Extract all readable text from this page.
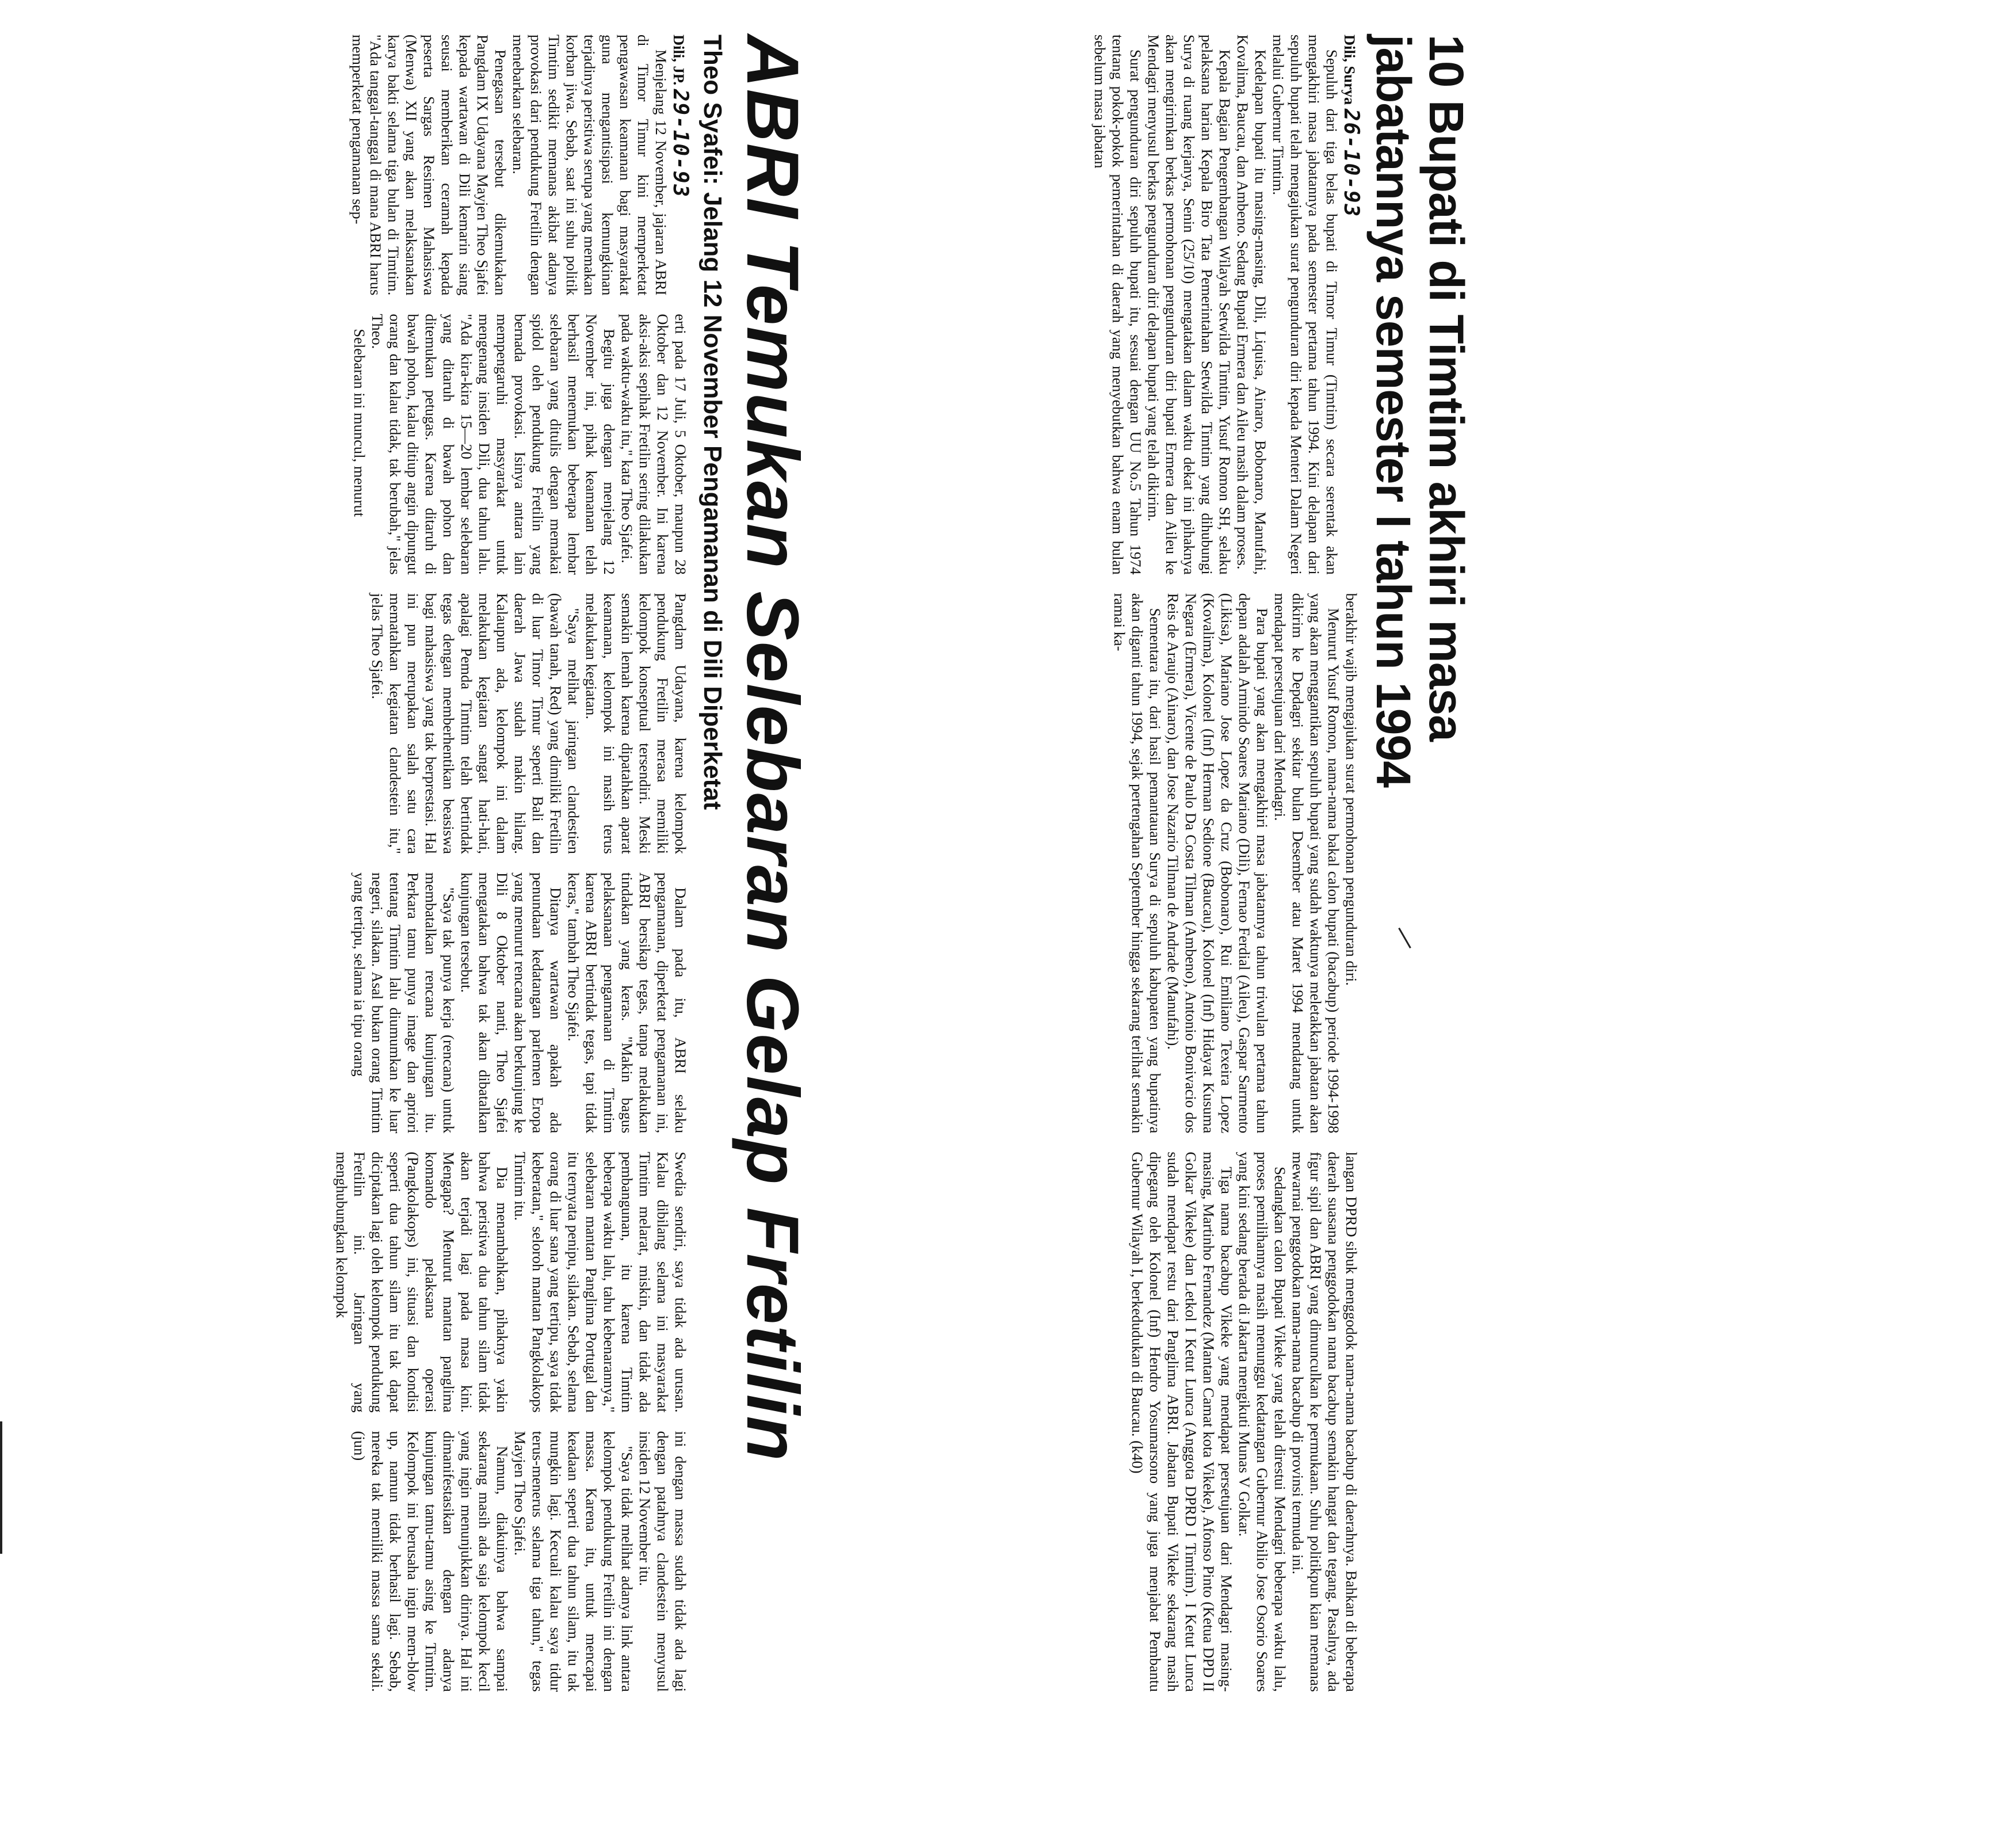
10 Bupati di Timtim akhiri masa
jabatannya semester I tahun 1994

Dili, Surya 26-10-93

Sepuluh dari tiga belas bupati di Timor Timur (Timtim) secara serentak akan mengakhiri masa jabatannya pada semester pertama tahun 1994. Kini delapan dari sepuluh bupati telah mengajukan surat pengunduran diri kepada Menteri Dalam Negeri melalui Gubernur Timtim.

Kedelapan bupati itu masing-masing, Dili, Liquisa, Ainaro, Bobonaro, Manufahi, Kovalima, Baucau, dan Ambeno. Sedang Bupati Ermera dan Aileu masih dalam proses.

Kepala Bagian Pengembangan Wilayah Setwilda Timtim, Yusuf Romon SH, selaku pelaksana harian Kepala Biro Tata Pemerintahan Setwilda Timtim yang dihubungi Surya di ruang kerjanya, Senin (25/10) mengatakan dalam waktu dekat ini pihaknya akan mengirimkan berkas permohonan pengunduran diri bupati Ermera dan Aileu ke Mendagri menyusul berkas pengunduran diri delapan bupati yang telah dikirim.

Surat pengunduran diri sepuluh bupati itu, sesuai dengan UU No.5 Tahun 1974 tentang pokok-pokok pemerintahan di daerah yang menyebutkan bahwa enam bulan sebelum masa jabatan

berakhir wajib mengajukan surat permohonan pengunduran diri.

Menurut Yusuf Romon, nama-nama bakal calon bupati (bacabup) periode 1994-1998 yang akan menggantikan sepuluh bupati yang sudah waktunya meletakkan jabatan akan dikirim ke Depdagri sekitar bulan Desember atau Maret 1994 mendatang untuk mendapat persetujuan dari Mendagri.

Para bupati yang akan mengakhiri masa jabatannya tahun triwulan pertama tahun depan adalah Armindo Soares Mariano (Dili), Fernao Ferdial (Aileu), Gaspar Sarmento (Likisa), Mariano Jose Lopez da Cruz (Bobonaro), Rui Emiliano Texeira Lopez (Kovalima), Kolonel (Inf) Herman Sedione (Baucau), Kolonel (Inf) Hidayat Kusuma Negara (Ermera), Vicente de Paulo Da Costa Tilman (Ambeno), Antonio Bonivacio dos Reis de Araujo (Ainaro), dan Jose Nazario Tilman de Andrade (Manufahi).

Sementara itu, dari hasil pemantauan Surya di sepuluh kabupaten yang bupatinya akan diganti tahun 1994, sejak pertengahan September hingga sekarang terlihat semakin ramai ka-

langan DPRD sibuk menggodok nama-nama bacabup di daerahnya. Bahkan di beberapa daerah suasana penggodokan nama bacabup semakin hangat dan tegang. Pasalnya, ada figur sipil dan ABRI yang dimunculkan ke permukaan. Suhu politikpun kian memanas mewarnai penggodokan nama-nama bacabup di provinsi termuda ini.

Sedangkan calon Bupati Vikeke yang telah direstui Mendagri beberapa waktu lalu, proses pemilihannya masih menunggu kedatangan Gubernur Abilio Jose Osorio Soares yang kini sedang berada di Jakarta mengikuti Munas V Golkar.

Tiga nama bacabup Vikeke yang mendapat persetujuan dari Mendagri masing-masing, Martinho Fernandez (Mantan Camat kota Vikeke), Afonso Pinto (Ketua DPD II Golkar Vikeke) dan Letkol I Ketut Lunca (Anggota DPRD I Timtim). I Ketut Lunca sudah mendapat restu dari Panglima ABRI. Jabatan Bupati Vikeke sekarang masih dipegang oleh Kolonel (Inf) Hendro Yosumarsono yang juga menjabat Pembantu Gubernur Wilayah I, berkedudukan di Baucau. (k40)

ABRI Temukan Selebaran Gelap Fretilin
Theo Syafei: Jelang 12 November Pengamanan di Dili Diperketat

Dili, JP. 29-10-93

Menjelang 12 November, jajaran ABRI di Timor Timur kini memperketat pengawasan keamanan bagi masyarakat guna mengantisipasi kemungkinan terjadinya peristiwa serupa yang memakan korban jiwa. Sebab, saat ini suhu politik Timtim sedikit memanas akibat adanya provokasi dari pendukung Fretilin dengan menebarkan selebaran.

Penegasan tersebut dikemukakan Pangdam IX Udayana Mayjen Theo Sjafei kepada wartawan di Dili kemarin siang seusai memberikan ceramah kepada peserta Sargas Resimen Mahasiswa (Menwa) XII yang akan melaksanakan karya bakti selama tiga bulan di Timtim. "Ada tanggal-tanggal di mana ABRI harus memperketat pengamanan sep-

erti pada 17 Juli, 5 Oktober, maupun 28 Oktober dan 12 November. Ini karena aksi-aksi sepihak Fretilin sering dilakukan pada waktu-waktu itu," kata Theo Sjafei.

Begitu juga dengan menjelang 12 November ini, pihak keamanan telah berhasil menemukan beberapa lembar selebaran yang ditulis dengan memakai spidol oleh pendukung Fretilin yang bernada provokasi. Isinya antara lain mempengaruhi masyarakat untuk mengenang insiden Dili, dua tahun lalu. "Ada kira-kira 15—20 lembar selebaran yang ditaruh di bawah pohon dan ditemukan petugas. Karena ditaruh di bawah pohon, kalau ditiup angin dipungut orang dan kalau tidak, tak berubah," jelas Theo.

Selebaran ini muncul, menurut

Pangdam Udayana, karena kelompok pendukung Fretilin merasa memiliki kelompok konseptual tersendiri. Meski semakin lemah karena dipatahkan aparat keamanan, kelompok ini masih terus melakukan kegiatan.

"Saya melihat jaringan clandestien (bawah tanah, Red) yang dimiliki Fretilin di luar Timor Timur seperti Bali dan daerah Jawa sudah makin hilang. Kalaupun ada, kelompok ini dalam melakukan kegiatan sangat hati-hati, apalagi Pemda Timtim telah bertindak tegas dengan memberhentikan beasiswa bagi mahasiswa yang tak berprestasi. Hal ini pun merupakan salah satu cara mematahkan kegiatan clandestein itu," jelas Theo Sjafei.

Dalam pada itu, ABRI selaku pengamanan, diperketat pengamanan ini, ABRI bersikap tegas, tanpa melakukan tindakan yang keras. "Makin bagus pelaksanaan pengamanan di Timtim karena ABRI bertindak tegas, tapi tidak keras," tambah Theo Sjafei.

Ditanya wartawan apakah ada penundaan kedatangan parlemen Eropa yang menurut rencana akan berkunjung ke Dili 8 Oktober nanti, Theo Sjafei mengatakan bahwa tak akan dibatalkan kunjungan tersebut.

"Saya tak punya kerja (rencana) untuk membatalkan rencana kunjungan itu. Perkara tamu punya image dan apriori tentang Timtim lalu diumumkan ke luar negeri, silakan. Asal bukan orang Timtim yang tertipu, selama ia tipu orang

Swedia sendiri, saya tidak ada urusan. Kalau dibilang selama ini masyarakat Timtim melarat, miskin, dan tidak ada pembangunan, itu karena Timtim beberapa waktu lalu, tahu kebenarannya," selebaran mantan Panglima Portugal dan itu ternyata penipu, silakan. Sebab, selama orang di luar sana yang tertipu, saya tidak keberatan," seloroh mantan Pangkolakops Timtim itu.

Dia menambahkan, pihaknya yakin bahwa peristiwa dua tahun silam tidak akan terjadi lagi pada masa kini. Mengapa? Menurut mantan panglima komando pelaksana operasi (Pangkolakops) ini, situasi dan kondisi seperti dua tahun silam itu tak dapat diciptakan lagi oleh kelompok pendukung Fretilin ini. Jaringan yang menghubungkan kelompok

ini dengan massa sudah tidak ada lagi dengan patahnya clandestein menyusul insiden 12 November itu.

"Saya tidak melihat adanya link antara kelompok pendukung Fretilin ini dengan massa. Karena itu, untuk mencapai keadaan seperti dua tahun silam, itu tak mungkin lagi. Kecuali kalau saya tidur terus-menerus selama tiga tahun," tegas Mayjen Theo Sjafei.

Namun, diakuinya bahwa sampai sekarang masih ada saja kelompok kecil yang ingin menunjukkan dirinya. Hal ini dimanifestasikan dengan adanya kunjungan tamu-tamu asing ke Timtim. Kelompok ini berusaha ingin mem-blow up, namun tidak berhasil lagi. Sebab, mereka tak memiliki massa sama sekali. (jun)
